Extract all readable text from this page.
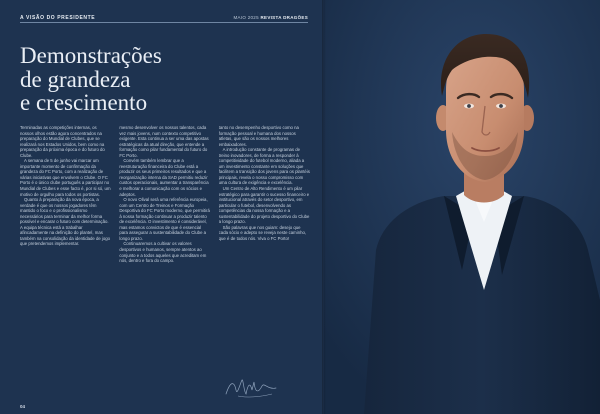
A VISÃO DO PRESIDENTE	MAIO 2025 REVISTA DRAGÕES
Demonstrações
de grandeza
e crescimento

Terminadas as competições internas, os nossos olhos estão agora concentrados na preparação do Mundial de Clubes, que se realizará nos Estados Unidos, bem como na preparação da próxima época e do futuro do Clube.

A semana de 5 de junho vai marcar um importante momento de confirmação da grandeza do FC Porto, com a realização de várias iniciativas que envolvem o Clube. O FC Porto é o único clube português a participar no Mundial de Clubes e esse facto é, por si só, um motivo de orgulho para todos os portistas.

Quanto à preparação da nova época, a verdade é que os nossos jogadores têm mantido o foco e o profissionalismo necessários para terminar da melhor forma possível e encarar o futuro com determinação. A equipa técnica está a trabalhar afincadamente na definição do plantel, mas também na consolidação da identidade de jogo que pretendemos implementar.

mesmo desenvolver os nossos talentos, cada vez mais jovens, num contexto competitivo exigente. Esta continua a ser uma das apostas estratégicas da atual direção, que entende a formação como pilar fundamental do futuro do FC Porto.

Convém também lembrar que a reestruturação financeira do Clube está a produzir os seus primeiros resultados e que a reorganização interna da SAD permitiu reduzir custos operacionais, aumentar a transparência e melhorar a comunicação com os sócios e adeptos.

O novo Olival será uma referência europeia, com um Centro de Treinos e Formação Desportiva do FC Porto moderno, que permitirá à nossa formação continuar a produzir talento de excelência. O investimento é considerável, mas estamos convictos de que é essencial para assegurar a sustentabilidade do Clube a longo prazo.

Continuaremos a cultivar os valores desportivos e humanos, sempre atentos ao conjunto e a todos aqueles que acreditam em nós, dentro e fora do campo.

tanto no desempenho desportivo como na formação pessoal e humana dos nossos atletas, que são os nossos melhores embaixadores.

A introdução constante de programas de treino inovadores, de forma a responder à competitividade do futebol moderno, aliada a um investimento constante em soluções que facilitem a transição dos jovens para os plantéis principais, revela o nosso compromisso com uma cultura de exigência e excelência.

Um Centro de Alto Rendimento é um pilar estratégico para garantir o sucesso financeiro e institucional através do setor desportivo, em particular o futebol, desenvolvendo as competências da nossa formação e a sustentabilidade do projeto desportivo do Clube a longo prazo.

São palavras que nos guiam: desejo que cada sócio e adepto se reveja neste caminho, que é de todos nós. Viva o FC Porto!

04
